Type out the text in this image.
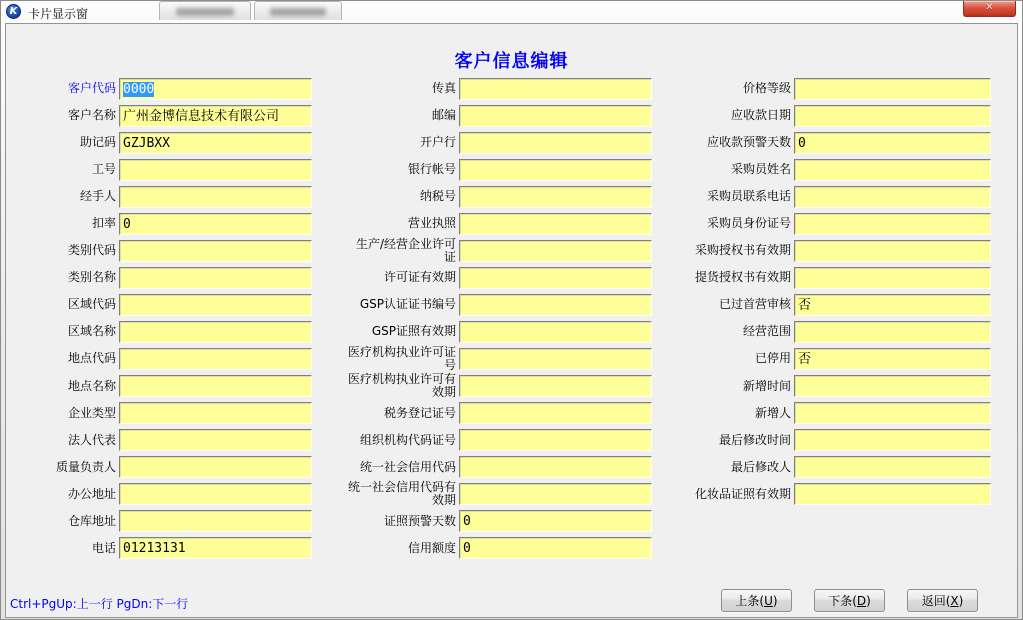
K 卡片显示窗	✕
客户信息编辑
客户代码 0000
客户名称 广州金博信息技术有限公司
助记码 GZJBXX
工号
经手人
扣率 0
类别代码
类别名称
区域代码
区域名称
地点代码
地点名称
企业类型
法人代表
质量负责人
办公地址
仓库地址
电话 01213131
传真
邮编
开户行
银行帐号
纳税号
营业执照
生产/经营企业许可证
许可证有效期
GSP认证证书编号
GSP证照有效期
医疗机构执业许可证号
医疗机构执业许可有效期
税务登记证号
组织机构代码证号
统一社会信用代码
统一社会信用代码有效期
证照预警天数 0
信用额度 0
价格等级
应收款日期
应收款预警天数 0
采购员姓名
采购员联系电话
采购员身份证号
采购授权书有效期
提货授权书有效期
已过首营审核 否
经营范围
已停用 否
新增时间
新增人
最后修改时间
最后修改人
化妆品证照有效期
Ctrl+PgUp:上一行 PgDn:下一行	上条(U)	下条(D)	返回(X)
